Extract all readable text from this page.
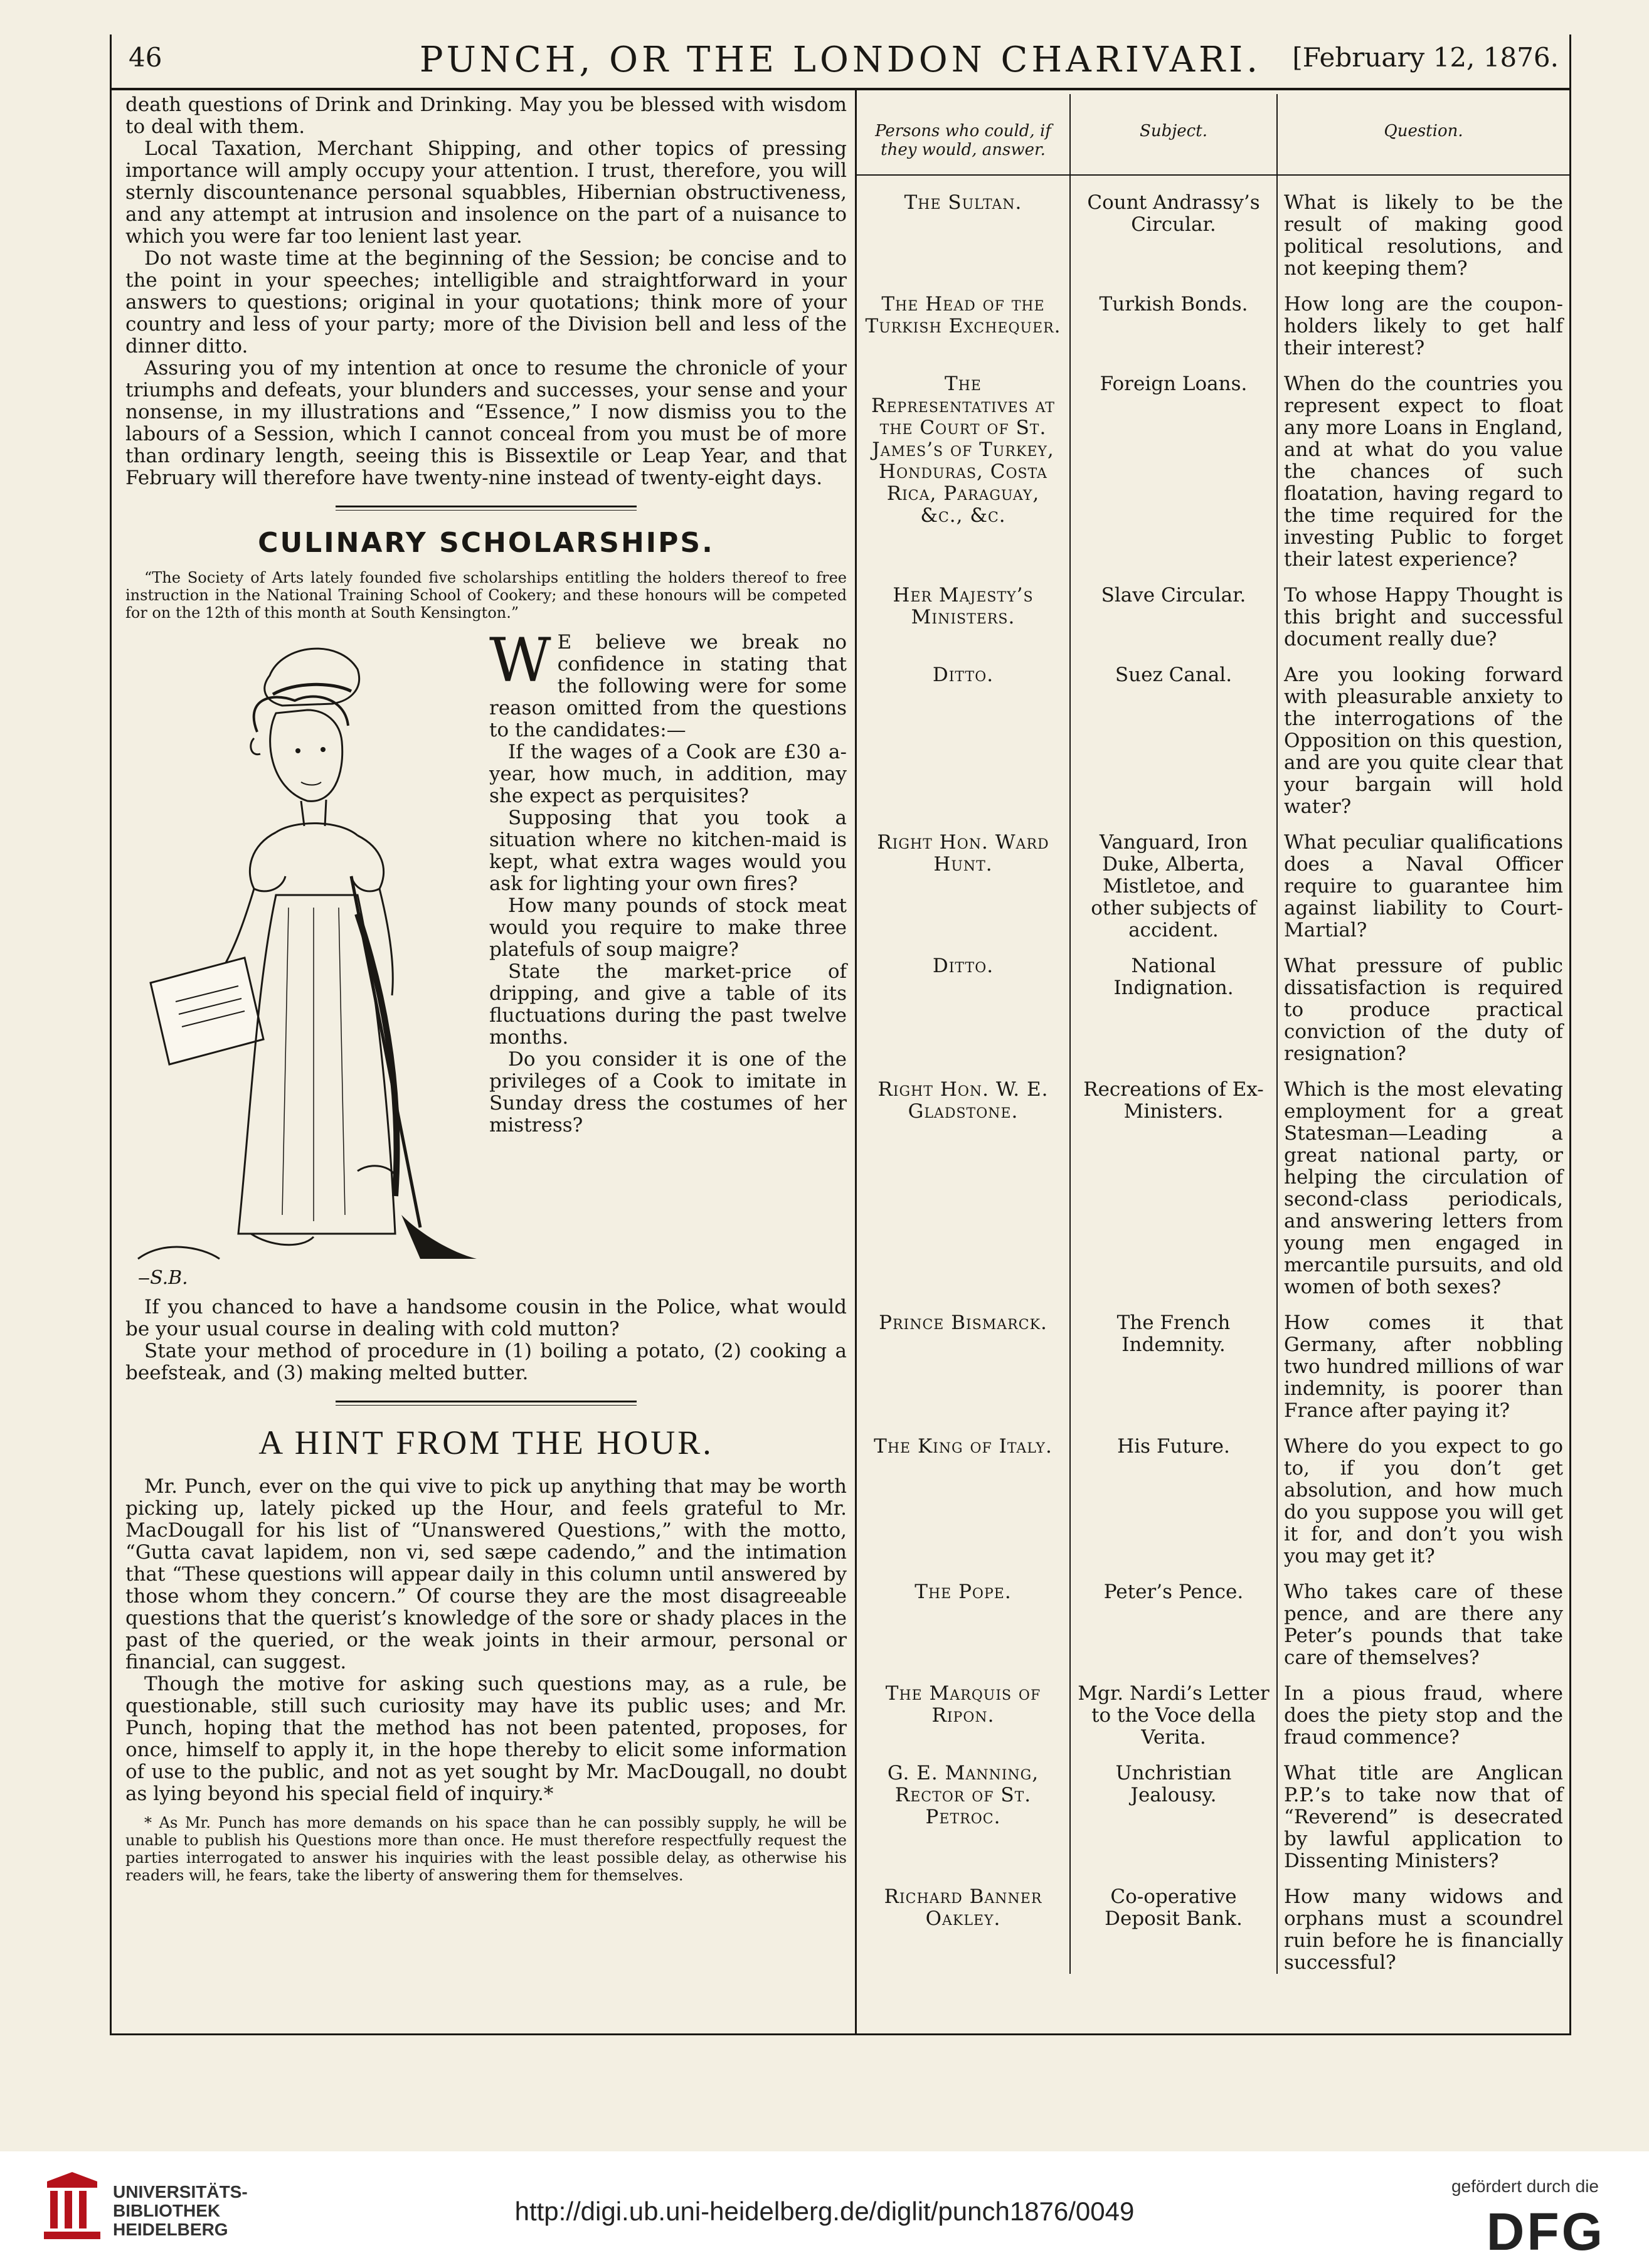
46	PUNCH, OR THE LONDON CHARIVARI.	[February 12, 1876.

death questions of Drink and Drinking. May you be blessed with wisdom to deal with them.

Local Taxation, Merchant Shipping, and other topics of pressing importance will amply occupy your attention. I trust, therefore, you will sternly discountenance personal squabbles, Hibernian obstructiveness, and any attempt at intrusion and insolence on the part of a nuisance to which you were far too lenient last year.

Do not waste time at the beginning of the Session; be concise and to the point in your speeches; intelligible and straightforward in your answers to questions; original in your quotations; think more of your country and less of your party; more of the Division bell and less of the dinner ditto.

Assuring you of my intention at once to resume the chronicle of your triumphs and defeats, your blunders and successes, your sense and your nonsense, in my illustrations and “Essence,” I now dismiss you to the labours of a Session, which I cannot conceal from you must be of more than ordinary length, seeing this is Bissextile or Leap Year, and that February will therefore have twenty-nine instead of twenty-eight days.

CULINARY SCHOLARSHIPS.

“The Society of Arts lately founded five scholarships entitling the holders thereof to free instruction in the National Training School of Cookery; and these honours will be competed for on the 12th of this month at South Kensington.”

‒S.B.

W E believe we break no confidence in stating that the following were for some reason omitted from the questions to the candidates:—

If the wages of a Cook are £30 a-year, how much, in addition, may she expect as perquisites?

Supposing that you took a situation where no kitchen-maid is kept, what extra wages would you ask for lighting your own fires?

How many pounds of stock meat would you require to make three platefuls of soup maigre?

State the market-price of dripping, and give a table of its fluctuations during the past twelve months.

Do you consider it is one of the privileges of a Cook to imitate in Sunday dress the costumes of her mistress?

If you chanced to have a handsome cousin in the Police, what would be your usual course in dealing with cold mutton?

State your method of procedure in (1) boiling a potato, (2) cooking a beefsteak, and (3) making melted butter.

A HINT FROM THE HOUR.

Mr. Punch, ever on the qui vive to pick up anything that may be worth picking up, lately picked up the Hour, and feels grateful to Mr. MacDougall for his list of “Unanswered Questions,” with the motto, “Gutta cavat lapidem, non vi, sed sæpe cadendo,” and the intimation that “These questions will appear daily in this column until answered by those whom they concern.” Of course they are the most disagreeable questions that the querist’s knowledge of the sore or shady places in the past of the queried, or the weak joints in their armour, personal or financial, can suggest.

Though the motive for asking such questions may, as a rule, be questionable, still such curiosity may have its public uses; and Mr. Punch, hoping that the method has not been patented, proposes, for once, himself to apply it, in the hope thereby to elicit some information of use to the public, and not as yet sought by Mr. MacDougall, no doubt as lying beyond his special field of inquiry.*

* As Mr. Punch has more demands on his space than he can possibly supply, he will be unable to publish his Questions more than once. He must therefore respectfully request the parties interrogated to answer his inquiries with the least possible delay, as otherwise his readers will, he fears, take the liberty of answering them for themselves.

Persons who could, if they would, answer.	Subject.	Question.
The Sultan.	Count Andrassy’s Circular.	What is likely to be the result of making good political resolutions, and not keeping them?
The Head of the Turkish Exchequer.	Turkish Bonds.	How long are the coupon-holders likely to get half their interest?
The Representatives at the Court of St. James’s of Turkey, Honduras, Costa Rica, Paraguay, &c., &c.	Foreign Loans.	When do the countries you represent expect to float any more Loans in England, and at what do you value the chances of such floatation, having regard to the time required for the investing Public to forget their latest experience?
Her Majesty’s Ministers.	Slave Circular.	To whose Happy Thought is this bright and successful document really due?
Ditto.	Suez Canal.	Are you looking forward with pleasurable anxiety to the interrogations of the Opposition on this question, and are you quite clear that your bargain will hold water?
Right Hon. Ward Hunt.	Vanguard, Iron Duke, Alberta, Mistletoe, and other subjects of accident.	What peculiar qualifications does a Naval Officer require to guarantee him against liability to Court-Martial?
Ditto.	National Indignation.	What pressure of public dissatisfaction is required to produce practical conviction of the duty of resignation?
Right Hon. W. E. Gladstone.	Recreations of Ex-Ministers.	Which is the most elevating employment for a great Statesman—Leading a great national party, or helping the circulation of second-class periodicals, and answering letters from young men engaged in mercantile pursuits, and old women of both sexes?
Prince Bismarck.	The French Indemnity.	How comes it that Germany, after nobbling two hundred millions of war indemnity, is poorer than France after paying it?
The King of Italy.	His Future.	Where do you expect to go to, if you don’t get absolution, and how much do you suppose you will get it for, and don’t you wish you may get it?
The Pope.	Peter’s Pence.	Who takes care of these pence, and are there any Peter’s pounds that take care of themselves?
The Marquis of Ripon.	Mgr. Nardi’s Letter to the Voce della Verita.	In a pious fraud, where does the piety stop and the fraud commence?
G. E. Manning, Rector of St. Petroc.	Unchristian Jealousy.	What title are Anglican P.P.’s to take now that of “Reverend” is desecrated by lawful application to Dissenting Ministers?
Richard Banner Oakley.	Co-operative Deposit Bank.	How many widows and orphans must a scoundrel ruin before he is financially successful?
UNIVERSITÄTS-
BIBLIOTHEK
HEIDELBERG
http://digi.ub.uni-heidelberg.de/diglit/punch1876/0049
gefördert durch die
DFG
